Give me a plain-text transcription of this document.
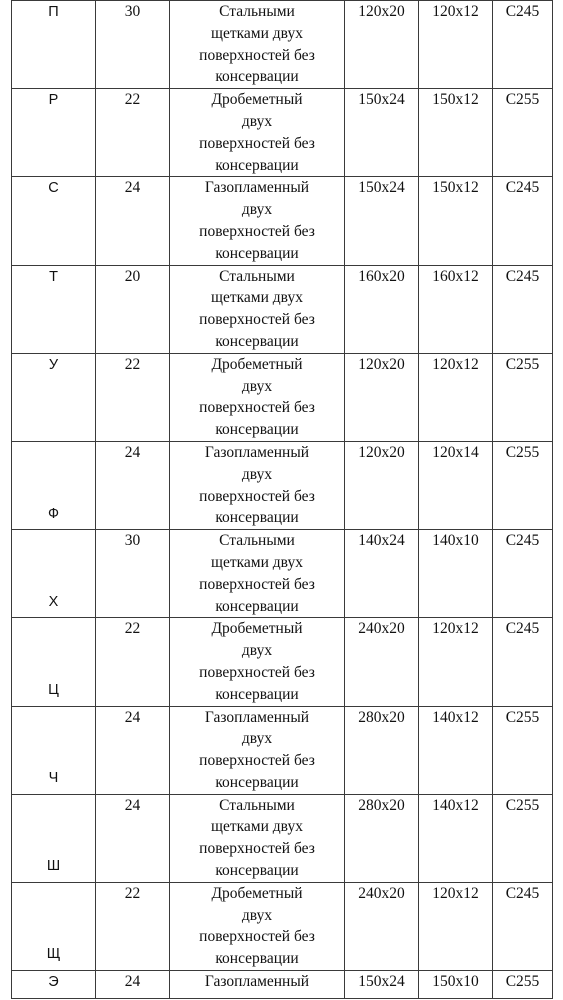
П	30	Стальными
щетками двух
поверхностей без
консервации	120x20	120x12	С245
Р	22	Дробеметный
двух
поверхностей без
консервации	150x24	150x12	С255
С	24	Газопламенный
двух
поверхностей без
консервации	150x24	150x12	С245
Т	20	Стальными
щетками двух
поверхностей без
консервации	160x20	160x12	С245
У	22	Дробеметный
двух
поверхностей без
консервации	120x20	120x12	С255
Ф	24	Газопламенный
двух
поверхностей без
консервации	120x20	120x14	С255
Х	30	Стальными
щетками двух
поверхностей без
консервации	140x24	140x10	С245
Ц	22	Дробеметный
двух
поверхностей без
консервации	240x20	120x12	С245
Ч	24	Газопламенный
двух
поверхностей без
консервации	280x20	140x12	С255
Ш	24	Стальными
щетками двух
поверхностей без
консервации	280x20	140x12	С255
Щ	22	Дробеметный
двух
поверхностей без
консервации	240x20	120x12	С245
Э	24	Газопламенный	150x24	150x10	С255
